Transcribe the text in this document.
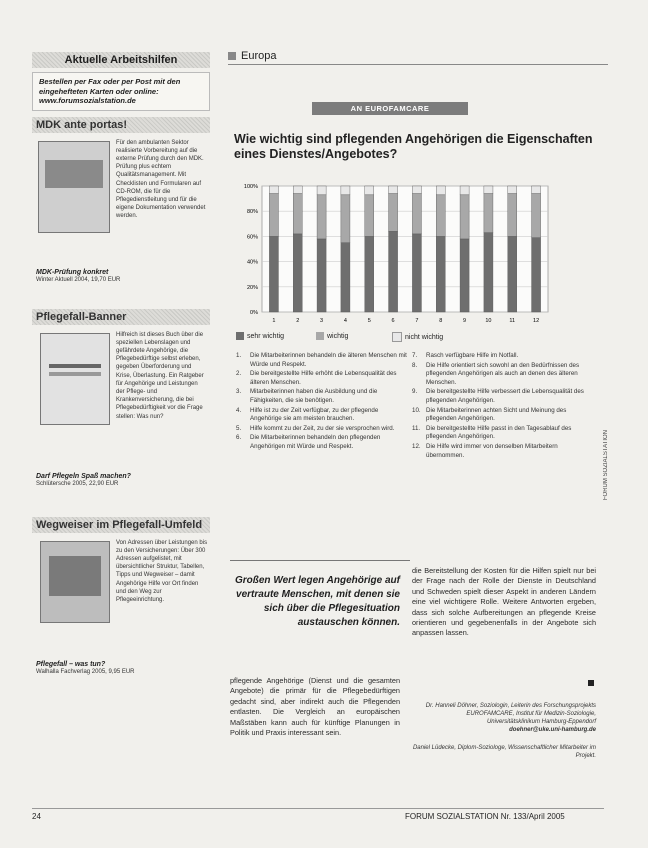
Aktuelle Arbeitshilfen
Bestellen per Fax oder per Post mit den eingehefteten Karten oder online: www.forumsozialstation.de
MDK ante portas!
Für den ambulanten Sektor realisierte Vorbereitung auf die externe Prüfung durch den MDK. Prüfung plus echtem Qualitätsmanagement. Mit Checklisten und Formularen auf CD-ROM, die für die Pflegedienstleitung und für die eigene Dokumentation verwendet werden.
MDK-Prüfung konkret
Winter Aktuell 2004, 19,70 EUR
Pflegefall-Banner
Hilfreich ist dieses Buch über die speziellen Lebenslagen und gefährdete Angehörige, die Pflegebedürftige selbst erleben, gegeben Überforderung und Krise, Überlastung. Ein Ratgeber für Angehörige und Leistungen der Pflege- und Krankenversicherung, die bei Pflegebedürftigkeit vor die Frage stellen: Was nun?
Darf Pflegeln Spaß machen?
Schlütersche 2005, 22,90 EUR
Wegweiser im Pflegefall-Umfeld
Von Adressen über Leistungen bis zu den Versicherungen: Über 300 Adressen aufgelistet, mit übersichtlicher Struktur, Tabellen, Tipps und Wegweiser – damit Angehörige Hilfe vor Ort finden und den Weg zur Pflegeeinrichtung.
Pflegefall – was tun?
Walhalla Fachverlag 2005, 9,95 EUR
Europa
AN EUROFAMCARE
Wie wichtig sind pflegenden Angehörigen die Eigenschaften eines Dienstes/Angebotes?
100%
80%
60%
40%
20%
0%
1	2	3	4	5	6	7	8	9	10	11	12
sehr wichtig	wichtig	nicht wichtig
1.	Die Mitarbeiterinnen behandeln die älteren Menschen mit Würde und Respekt.
2.	Die bereitgestellte Hilfe erhöht die Lebensqualität des älteren Menschen.
3.	Mitarbeiterinnen haben die Ausbildung und die Fähigkeiten, die sie benötigen.
4.	Hilfe ist zu der Zeit verfügbar, zu der pflegende Angehörige sie am meisten brauchen.
5.	Hilfe kommt zu der Zeit, zu der sie versprochen wird.
6.	Die Mitarbeiterinnen behandeln den pflegenden Angehörigen mit Würde und Respekt.
7.	Rasch verfügbare Hilfe im Notfall.
8.	Die Hilfe orientiert sich sowohl an den Bedürfnissen des pflegenden Angehörigen als auch an denen des älteren Menschen.
9.	Die bereitgestellte Hilfe verbessert die Lebensqualität des pflegenden Angehörigen.
10. Die Mitarbeiterinnen achten Sicht und Meinung des pflegenden Angehörigen.
11. Die bereitgestellte Hilfe passt in den Tagesablauf des pflegenden Angehörigen.
12. Die Hilfe wird immer von denselben Mitarbeitern übernommen.
Großen Wert legen Angehörige auf vertraute Menschen, mit denen sie sich über die Pflegesituation austauschen können.
pflegende Angehörige (Dienst und die gesamten Angebote) die primär für die Pflegebedürftigen gedacht sind, aber indirekt auch die Pflegenden entlasten. Die Vergleich an europäischen Maßstäben kann auch für künftige Planungen in Politik und Praxis interessant sein.
die Bereitstellung der Kosten für die Hilfen spielt nur bei der Frage nach der Rolle der Dienste in Deutschland und Schweden spielt dieser Aspekt in anderen Ländern eine viel wichtigere Rolle. Weitere Antworten ergeben, dass sich solche Aufbereitungen an pflegende Kreise orientieren und gegebenenfalls in der Angebote sich anpassen lassen.
Dr. Hanneli Döhner, Soziologin, Leiterin des Forschungsprojekts EUROFAMCARE, Institut für Medizin-Soziologie, Universitätsklinikum Hamburg-Eppendorf
doehner@uke.uni-hamburg.de
Daniel Lüdecke, Diplom-Soziologe, Wissenschaftlicher Mitarbeiter im Projekt.
FORUM SOZIALSTATION
24	FORUM SOZIALSTATION Nr. 133/April 2005
